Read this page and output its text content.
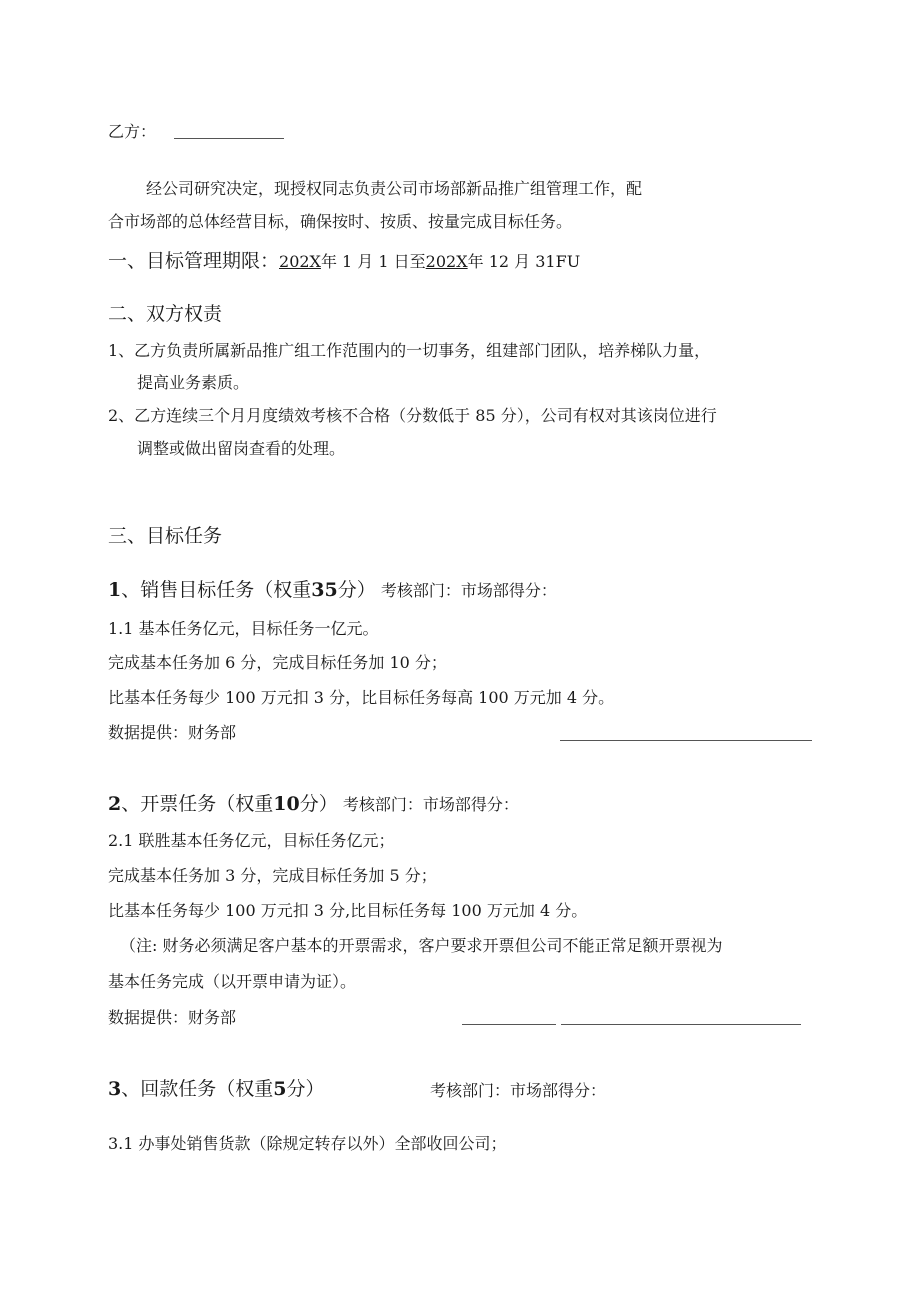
乙方：
经公司研究决定，现授权同志负责公司市场部新品推广组管理工作，配
合市场部的总体经营目标，确保按时、按质、按量完成目标任务。
一、目标管理期限：202X年 1 月 1 日至202X年 12 月 31FU
二、双方权责
1、乙方负责所属新品推广组工作范围内的一切事务，组建部门团队，培养梯队力量，
提高业务素质。
2、乙方连续三个月月度绩效考核不合格（分数低于 85 分），公司有权对其该岗位进行
调整或做出留岗查看的处理。
三、目标任务
1、销售目标任务（权重35分） 考核部门：市场部得分：
1.1 基本任务亿元，目标任务一亿元。
完成基本任务加 6 分，完成目标任务加 10 分；
比基本任务每少 100 万元扣 3 分，比目标任务每高 100 万元加 4 分。
数据提供：财务部
2、开票任务（权重10分） 考核部门：市场部得分：
2.1 联胜基本任务亿元，目标任务亿元；
完成基本任务加 3 分，完成目标任务加 5 分；
比基本任务每少 100 万元扣 3 分,比目标任务每 100 万元加 4 分。
（注: 财务必须满足客户基本的开票需求，客户要求开票但公司不能正常足额开票视为
基本任务完成（以开票申请为证）。
数据提供：财务部
3、回款任务（权重5分）	考核部门：市场部得分：
3.1 办事处销售货款（除规定转存以外）全部收回公司；
